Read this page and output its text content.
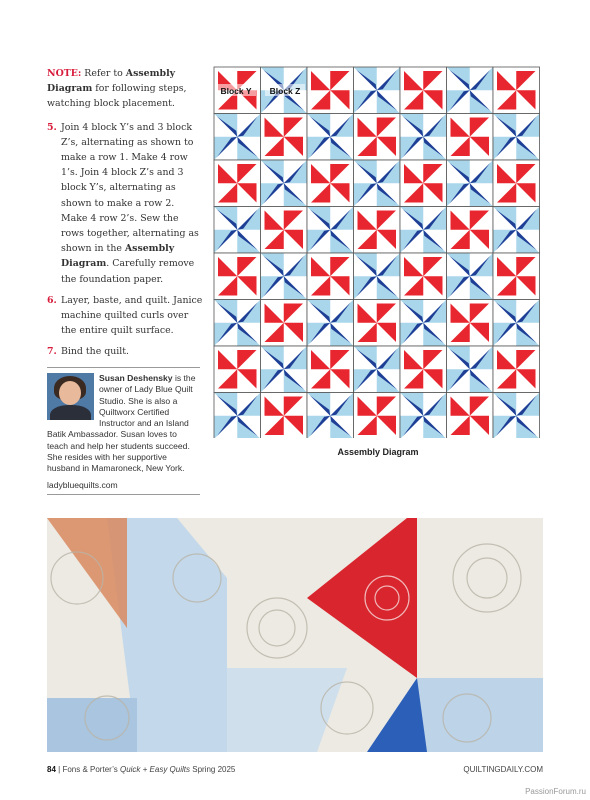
NOTE: Refer to Assembly Diagram for following steps, watching block placement.

5. Join 4 block Y’s and 3 block Z’s, alternating as shown to make a row 1. Make 4 row 1’s. Join 4 block Z’s and 3 block Y’s, alternating as shown to make a row 2. Make 4 row 2’s. Sew the rows together, alternating as shown in the Assembly Diagram. Carefully remove the foundation paper.
6. Layer, baste, and quilt. Janice machine quilted curls over the entire quilt surface.
7. Bind the quilt.
Susan Deshensky is the owner of Lady Blue Quilt Studio. She is also a Quiltworx Certified Instructor and an Island Batik Ambassador. Susan loves to teach and help her students succeed. She resides with her supportive husband in Mamaroneck, New York.
ladybluequilts.com
Block Y Block Z
Assembly Diagram
84 | Fons & Porter’s Quick + Easy Quilts Spring 2025	QUILTINGDAILY.COM
PassionForum.ru
